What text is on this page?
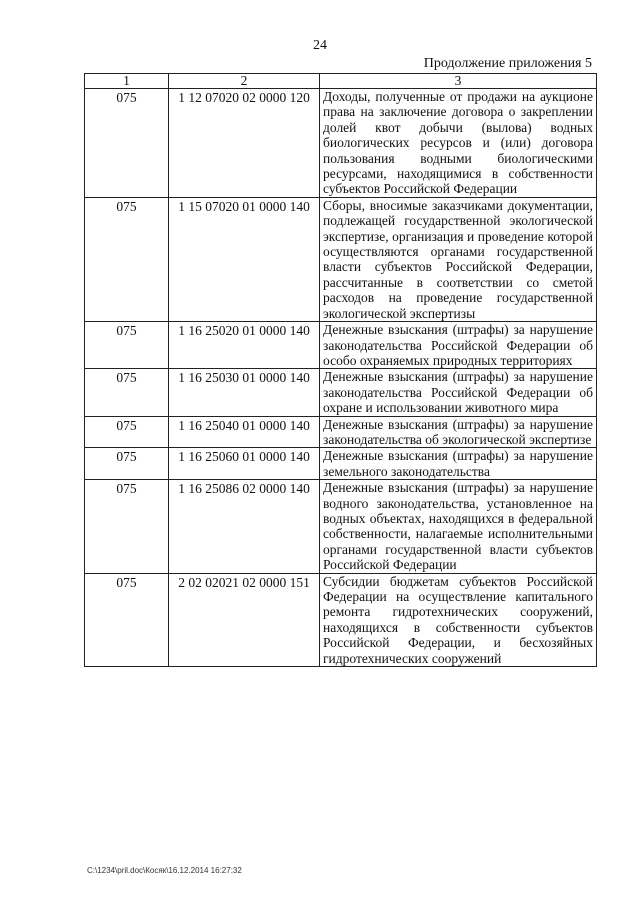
24
Продолжение приложения 5
1	2	3
075	1 12 07020 02 0000 120	Доходы, полученные от продажи на аукционе права на заключение договора о закреплении долей квот добычи (вылова) водных биологических ресурсов и (или) договора пользования водными биологическими ресурсами, находящимися в собственности субъектов Российской Федерации
075	1 15 07020 01 0000 140	Сборы, вносимые заказчиками документации, подлежащей государственной экологической экспертизе, организация и проведение которой осуществляются органами государственной власти субъектов Российской Федерации, рассчитанные в соответствии со сметой расходов на проведение государственной экологической экспертизы
075	1 16 25020 01 0000 140	Денежные взыскания (штрафы) за нарушение законодательства Российской Федерации об особо охраняемых природных территориях
075	1 16 25030 01 0000 140	Денежные взыскания (штрафы) за нарушение законодательства Российской Федерации об охране и использовании животного мира
075	1 16 25040 01 0000 140	Денежные взыскания (штрафы) за нарушение законодательства об экологической экспертизе
075	1 16 25060 01 0000 140	Денежные взыскания (штрафы) за нарушение земельного законодательства
075	1 16 25086 02 0000 140	Денежные взыскания (штрафы) за нарушение водного законодательства, установленное на водных объектах, находящихся в федеральной собственности, налагаемые исполнительными органами государственной власти субъектов Российской Федерации
075	2 02 02021 02 0000 151	Субсидии бюджетам субъектов Российской Федерации на осуществление капитального ремонта гидротехнических сооружений, находящихся в собственности субъектов Российской Федерации, и бесхозяйных гидротехнических сооружений
C:\1234\pril.doc\Косяк\16.12.2014 16:27:32
